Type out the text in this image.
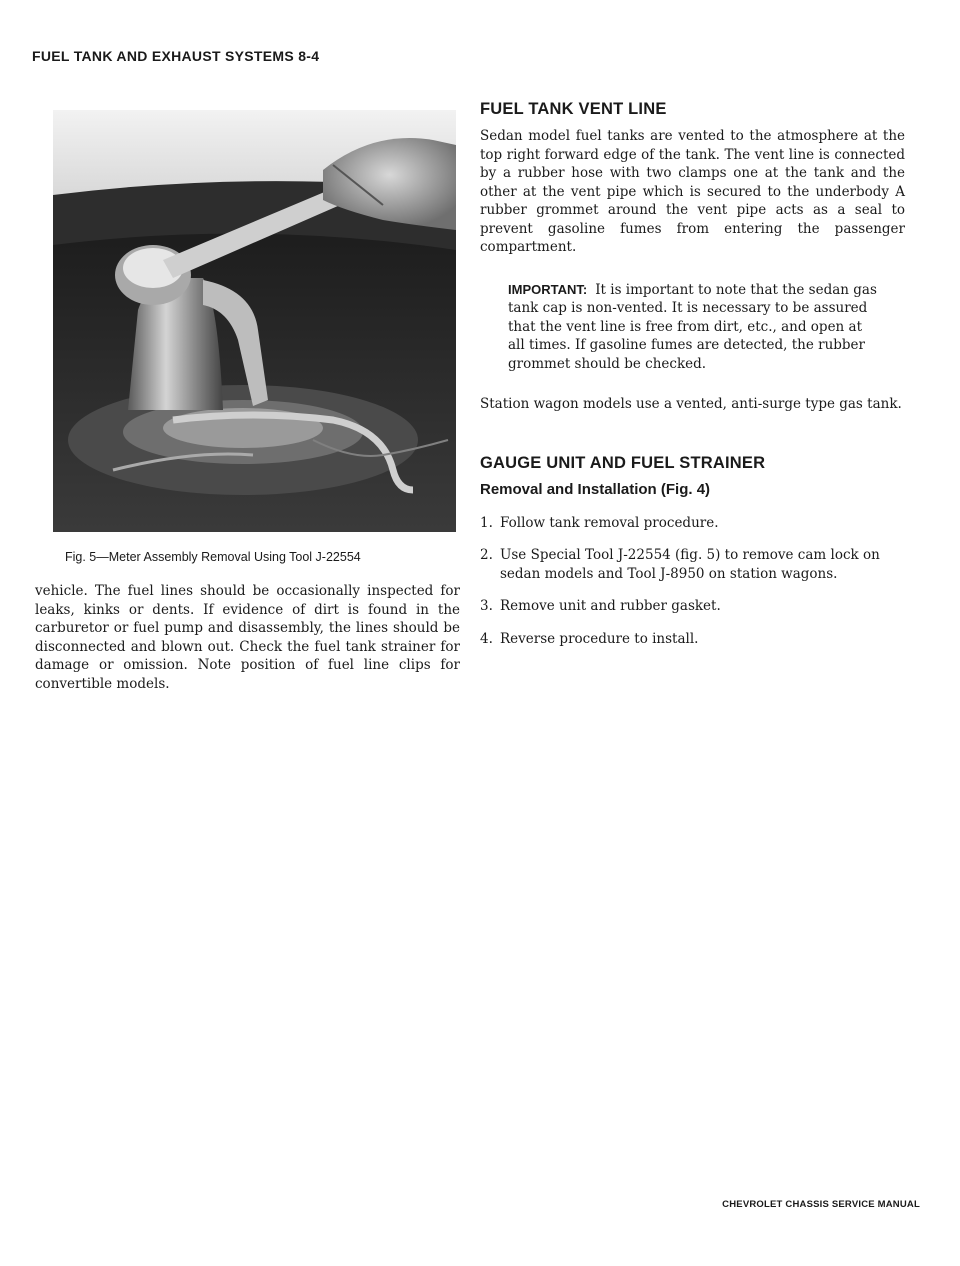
FUEL TANK AND EXHAUST SYSTEMS 8-4

Fig. 5—Meter Assembly Removal Using Tool J-22554

vehicle. The fuel lines should be occasionally inspected for leaks, kinks or dents. If evidence of dirt is found in the carburetor or fuel pump and disassembly, the lines should be disconnected and blown out. Check the fuel tank strainer for damage or omission. Note position of fuel line clips for convertible models.

FUEL TANK VENT LINE

Sedan model fuel tanks are vented to the atmosphere at the top right forward edge of the tank. The vent line is connected by a rubber hose with two clamps one at the tank and the other at the vent pipe which is secured to the underbody A rubber grommet around the vent pipe acts as a seal to prevent gasoline fumes from entering the passenger compartment.

IMPORTANT: It is important to note that the sedan gas tank cap is non-vented. It is necessary to be assured that the vent line is free from dirt, etc., and open at all times. If gasoline fumes are detected, the rubber grommet should be checked.

Station wagon models use a vented, anti-surge type gas tank.

GAUGE UNIT AND FUEL STRAINER
Removal and Installation (Fig. 4)
1. Follow tank removal procedure.
2. Use Special Tool J-22554 (fig. 5) to remove cam lock on sedan models and Tool J-8950 on station wagons.
3. Remove unit and rubber gasket.
4. Reverse procedure to install.

CHEVROLET CHASSIS SERVICE MANUAL
